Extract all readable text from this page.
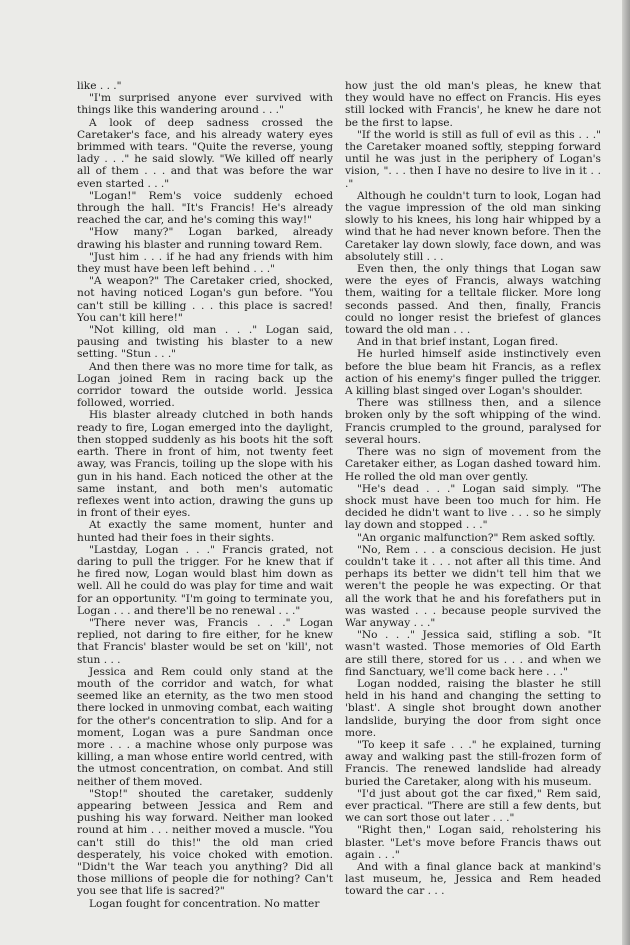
like . . ."

"I'm surprised anyone ever survived with things like this wandering around . . ."

A look of deep sadness crossed the Caretaker's face, and his already watery eyes brimmed with tears. "Quite the reverse, young lady . . ." he said slowly. "We killed off nearly all of them . . . and that was before the war even started . . ."

"Logan!" Rem's voice suddenly echoed through the hall. "It's Francis! He's already reached the car, and he's coming this way!"

"How many?" Logan barked, already drawing his blaster and running toward Rem.

"Just him . . . if he had any friends with him they must have been left behind . . ."

"A weapon?" The Caretaker cried, shocked, not having noticed Logan's gun before. "You can't still be killing . . . this place is sacred! You can't kill here!"

"Not killing, old man . . ." Logan said, pausing and twisting his blaster to a new setting. "Stun . . ."

And then there was no more time for talk, as Logan joined Rem in racing back up the corridor toward the outside world. Jessica followed, worried.

His blaster already clutched in both hands ready to fire, Logan emerged into the daylight, then stopped suddenly as his boots hit the soft earth. There in front of him, not twenty feet away, was Francis, toiling up the slope with his gun in his hand. Each noticed the other at the same instant, and both men's automatic reflexes went into action, drawing the guns up in front of their eyes.

At exactly the same moment, hunter and hunted had their foes in their sights.

"Lastday, Logan . . ." Francis grated, not daring to pull the trigger. For he knew that if he fired now, Logan would blast him down as well. All he could do was play for time and wait for an opportunity. "I'm going to terminate you, Logan . . . and there'll be no renewal . . ."

"There never was, Francis . . ." Logan replied, not daring to fire either, for he knew that Francis' blaster would be set on 'kill', not stun . . .

Jessica and Rem could only stand at the mouth of the corridor and watch, for what seemed like an eternity, as the two men stood there locked in unmoving combat, each waiting for the other's concentration to slip. And for a moment, Logan was a pure Sandman once more . . . a machine whose only purpose was killing, a man whose entire world centred, with the utmost concentration, on combat. And still neither of them moved.

"Stop!" shouted the caretaker, suddenly appearing between Jessica and Rem and pushing his way forward. Neither man looked round at him . . . neither moved a muscle. "You can't still do this!" the old man cried desperately, his voice choked with emotion. "Didn't the War teach you anything? Did all those millions of people die for nothing? Can't you see that life is sacred?"

Logan fought for concentration. No matter

how just the old man's pleas, he knew that they would have no effect on Francis. His eyes still locked with Francis', he knew he dare not be the first to lapse.

"If the world is still as full of evil as this . . ." the Caretaker moaned softly, stepping forward until he was just in the periphery of Logan's vision, ". . . then I have no desire to live in it . . ."

Although he couldn't turn to look, Logan had the vague impression of the old man sinking slowly to his knees, his long hair whipped by a wind that he had never known before. Then the Caretaker lay down slowly, face down, and was absolutely still . . .

Even then, the only things that Logan saw were the eyes of Francis, always watching them, waiting for a telltale flicker. More long seconds passed. And then, finally, Francis could no longer resist the briefest of glances toward the old man . . .

And in that brief instant, Logan fired.

He hurled himself aside instinctively even before the blue beam hit Francis, as a reflex action of his enemy's finger pulled the trigger. A killing blast singed over Logan's shoulder.

There was stillness then, and a silence broken only by the soft whipping of the wind. Francis crumpled to the ground, paralysed for several hours.

There was no sign of movement from the Caretaker either, as Logan dashed toward him. He rolled the old man over gently.

"He's dead . . ." Logan said simply. "The shock must have been too much for him. He decided he didn't want to live . . . so he simply lay down and stopped . . ."

"An organic malfunction?" Rem asked softly.

"No, Rem . . . a conscious decision. He just couldn't take it . . . not after all this time. And perhaps its better we didn't tell him that we weren't the people he was expecting. Or that all the work that he and his forefathers put in was wasted . . . because people survived the War anyway . . ."

"No . . ." Jessica said, stifling a sob. "It wasn't wasted. Those memories of Old Earth are still there, stored for us . . . and when we find Sanctuary, we'll come back here . . ."

Logan nodded, raising the blaster he still held in his hand and changing the setting to 'blast'. A single shot brought down another landslide, burying the door from sight once more.

"To keep it safe . . ." he explained, turning away and walking past the still-frozen form of Francis. The renewed landslide had already buried the Caretaker, along with his museum.

"I'd just about got the car fixed," Rem said, ever practical. "There are still a few dents, but we can sort those out later . . ."

"Right then," Logan said, reholstering his blaster. "Let's move before Francis thaws out again . . ."

And with a final glance back at mankind's last museum, he, Jessica and Rem headed toward the car . . .
